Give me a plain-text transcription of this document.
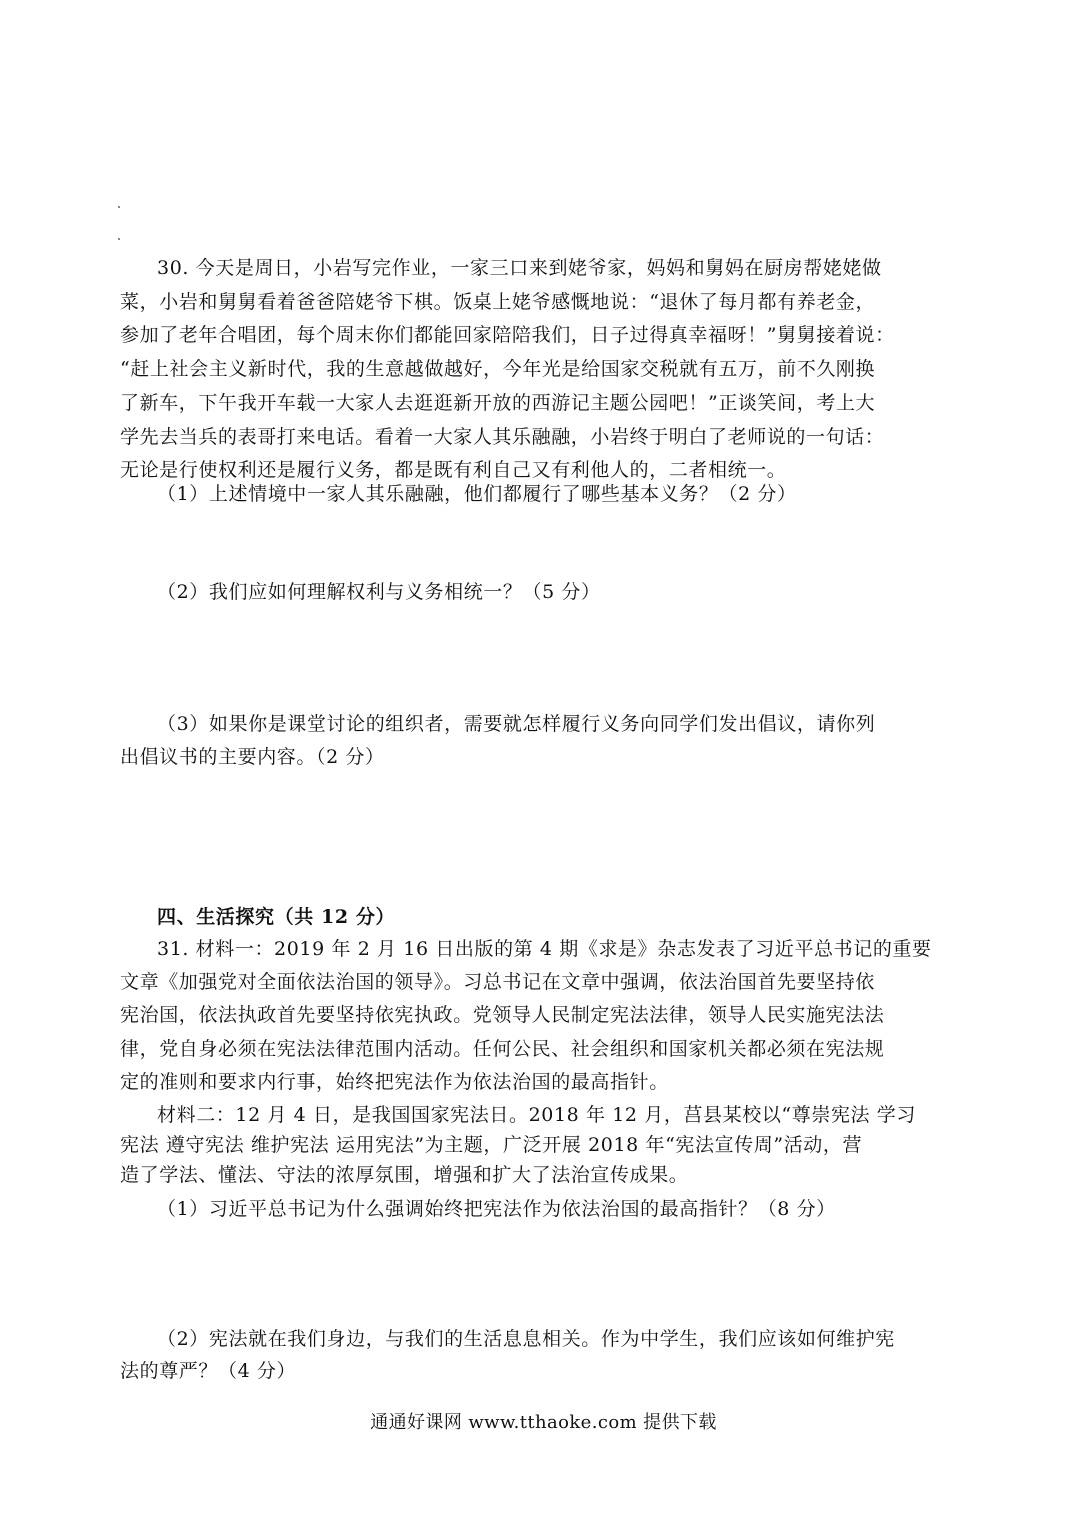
30. 今天是周日，小岩写完作业，一家三口来到姥爷家，妈妈和舅妈在厨房帮姥姥做
菜，小岩和舅舅看着爸爸陪姥爷下棋。饭桌上姥爷感慨地说：“退休了每月都有养老金，
参加了老年合唱团，每个周末你们都能回家陪陪我们，日子过得真幸福呀！”舅舅接着说：
“赶上社会主义新时代，我的生意越做越好，今年光是给国家交税就有五万，前不久刚换
了新车，下午我开车载一大家人去逛逛新开放的西游记主题公园吧！”正谈笑间，考上大
学先去当兵的表哥打来电话。看着一大家人其乐融融，小岩终于明白了老师说的一句话：
无论是行使权利还是履行义务，都是既有利自己又有利他人的，二者相统一。
（1）上述情境中一家人其乐融融，他们都履行了哪些基本义务？（2 分）
（2）我们应如何理解权利与义务相统一？（5 分）
（3）如果你是课堂讨论的组织者，需要就怎样履行义务向同学们发出倡议，请你列
出倡议书的主要内容。（2 分）
四、生活探究（共 12 分）
31. 材料一：2019 年 2 月 16 日出版的第 4 期《求是》杂志发表了习近平总书记的重要
文章《加强党对全面依法治国的领导》。习总书记在文章中强调，依法治国首先要坚持依
宪治国，依法执政首先要坚持依宪执政。党领导人民制定宪法法律，领导人民实施宪法法
律，党自身必须在宪法法律范围内活动。任何公民、社会组织和国家机关都必须在宪法规
定的准则和要求内行事，始终把宪法作为依法治国的最高指针。
材料二：12 月 4 日，是我国国家宪法日。2018 年 12 月，莒县某校以“尊崇宪法 学习
宪法 遵守宪法 维护宪法 运用宪法”为主题，广泛开展 2018 年“宪法宣传周”活动，营
造了学法、懂法、守法的浓厚氛围，增强和扩大了法治宣传成果。
（1）习近平总书记为什么强调始终把宪法作为依法治国的最高指针？（8 分）
（2）宪法就在我们身边，与我们的生活息息相关。作为中学生，我们应该如何维护宪
法的尊严？（4 分）
通通好课网 www.tthaoke.com 提供下载
